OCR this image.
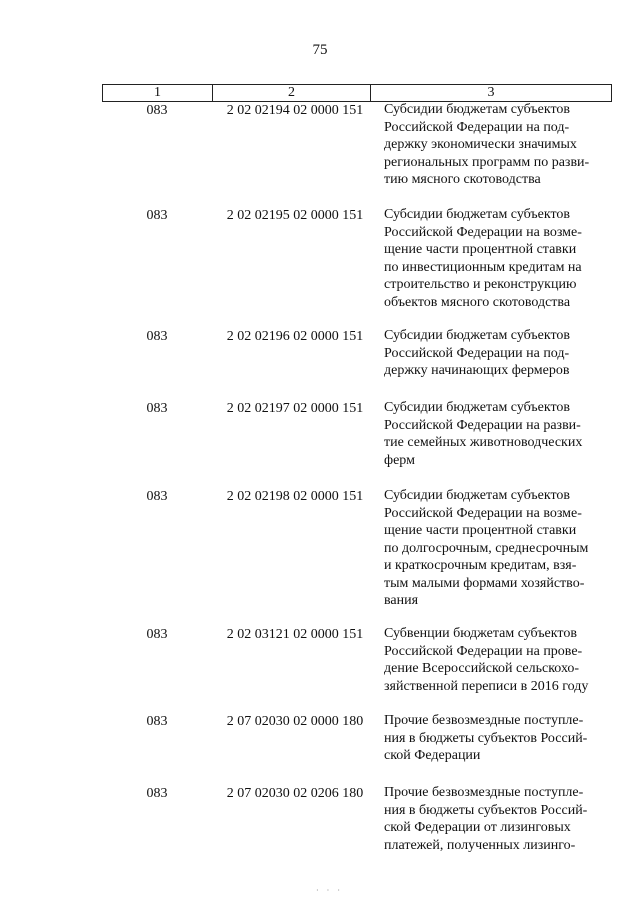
75
1	2	3
083	2 02 02194 02 0000 151	Субсидии бюджетам субъектов
Российской Федерации на под-
держку экономически значимых
региональных программ по разви-
тию мясного скотоводства
083	2 02 02195 02 0000 151	Субсидии бюджетам субъектов
Российской Федерации на возме-
щение части процентной ставки
по инвестиционным кредитам на
строительство и реконструкцию
объектов мясного скотоводства
083	2 02 02196 02 0000 151	Субсидии бюджетам субъектов
Российской Федерации на под-
держку начинающих фермеров
083	2 02 02197 02 0000 151	Субсидии бюджетам субъектов
Российской Федерации на разви-
тие семейных животноводческих
ферм
083	2 02 02198 02 0000 151	Субсидии бюджетам субъектов
Российской Федерации на возме-
щение части процентной ставки
по долгосрочным, среднесрочным
и краткосрочным кредитам, взя-
тым малыми формами хозяйство-
вания
083	2 02 03121 02 0000 151	Субвенции бюджетам субъектов
Российской Федерации на прове-
дение Всероссийской сельскохо-
зяйственной переписи в 2016 году
083	2 07 02030 02 0000 180	Прочие безвозмездные поступле-
ния в бюджеты субъектов Россий-
ской Федерации
083	2 07 02030 02 0206 180	Прочие безвозмездные поступле-
ния в бюджеты субъектов Россий-
ской Федерации от лизинговых
платежей, полученных лизинго-
· · ·
